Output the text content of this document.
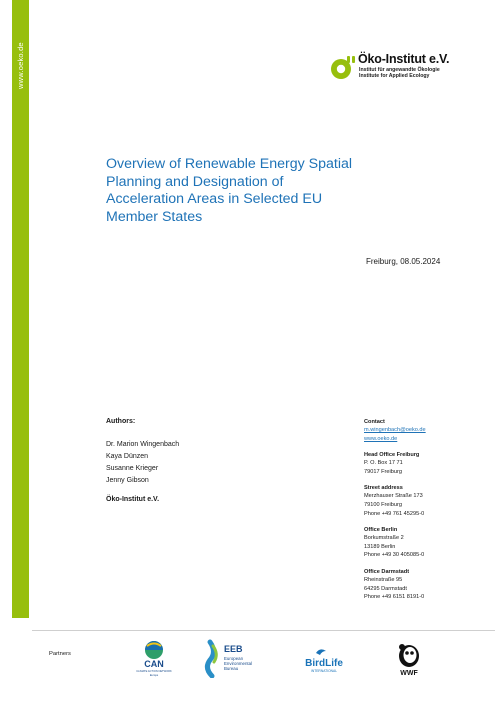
www.oeko.de	Öko-Institut e.V.
Institut für angewandte Ökologie
Institute for Applied Ecology
Overview of Renewable Energy Spatial Planning and Designation of Acceleration Areas in Selected EU Member States
Freiburg, 08.05.2024
Authors:
Dr. Marion Wingenbach
Kaya Dünzen
Susanne Krieger
Jenny Gibson
Öko-Institut e.V.
Contact
m.wingenbach@oeko.de
www.oeko.de
Head Office Freiburg
P. O. Box 17 71
79017 Freiburg
Street address
Merzhauser Straße 173
79100 Freiburg
Phone +49 761 45295-0
Office Berlin
Borkumstraße 2
13189 Berlin
Phone +49 30 405085-0
Office Darmstadt
Rheinstraße 95
64295 Darmstadt
Phone +49 6151 8191-0
Partners
CAN
CLIMATE ACTION NETWORK
Europe
EEB
European
Environmental
Bureau	BirdLife
INTERNATIONAL	WWF
